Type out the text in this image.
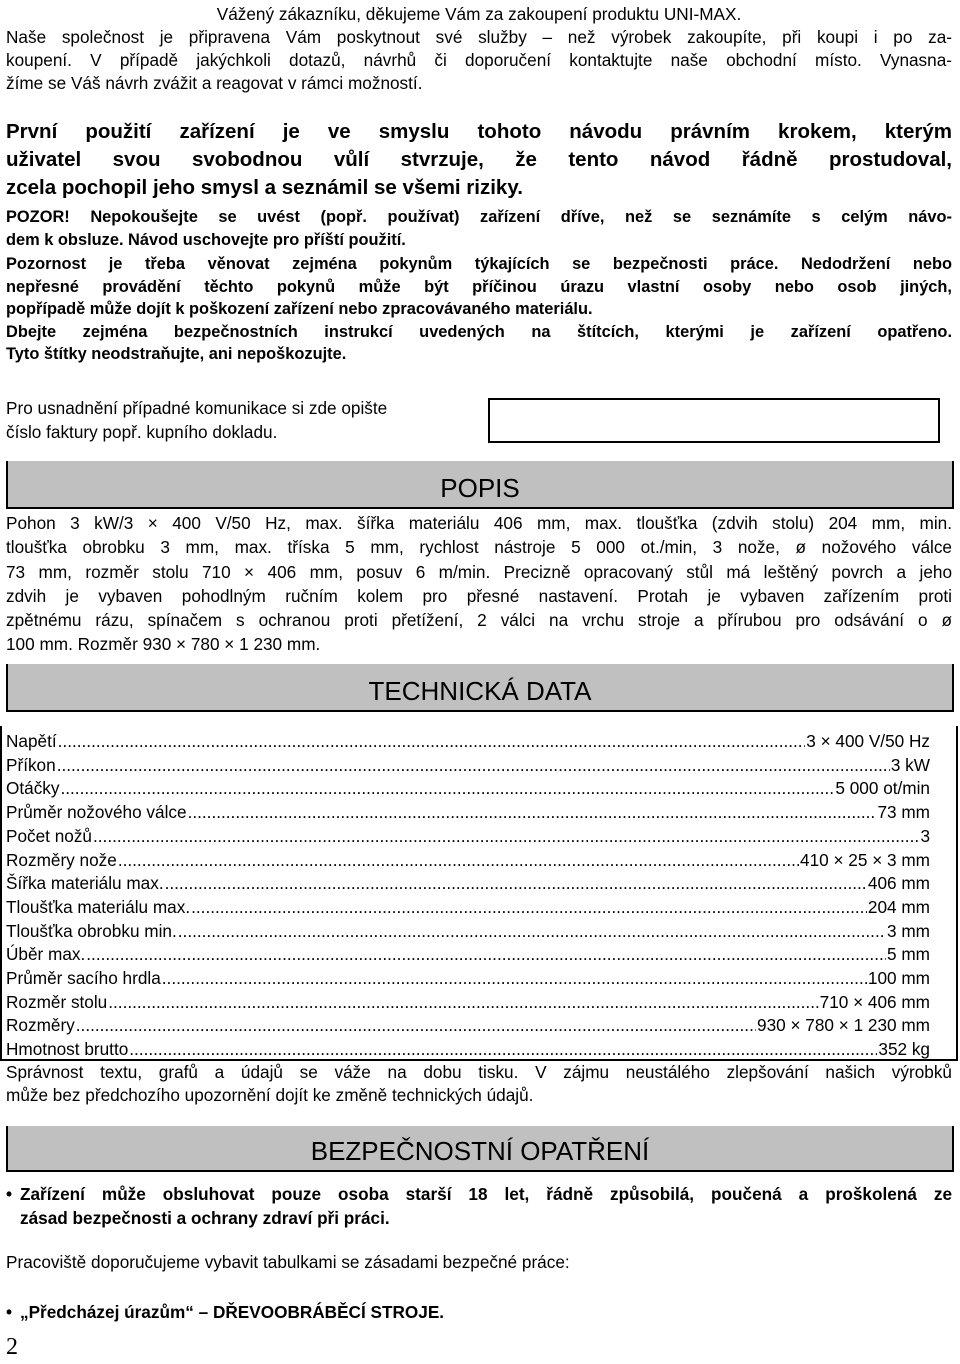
Vážený zákazníku, děkujeme Vám za zakoupení produktu UNI-MAX.
Naše společnost je připravena Vám poskytnout své služby – než výrobek zakoupíte, při koupi i po za-
koupení. V případě jakýchkoli dotazů, návrhů či doporučení kontaktujte naše obchodní místo. Vynasna-
žíme se Váš návrh zvážit a reagovat v rámci možností.
První použití zařízení je ve smyslu tohoto návodu právním krokem, kterým
uživatel svou svobodnou vůlí stvrzuje, že tento návod řádně prostudoval,
zcela pochopil jeho smysl a seznámil se všemi riziky.
POZOR! Nepokoušejte se uvést (popř. používat) zařízení dříve, než se seznámíte s celým návo-
dem k obsluze. Návod uschovejte pro příští použití.
Pozornost je třeba věnovat zejména pokynům týkajících se bezpečnosti práce. Nedodržení nebo
nepřesné provádění těchto pokynů může být příčinou úrazu vlastní osoby nebo osob jiných,
popřípadě může dojít k poškození zařízení nebo zpracovávaného materiálu.
Dbejte zejména bezpečnostních instrukcí uvedených na štítcích, kterými je zařízení opatřeno.
Tyto štítky neodstraňujte, ani nepoškozujte.
Pro usnadnění případné komunikace si zde opište
číslo faktury popř. kupního dokladu.
POPIS
Pohon 3 kW/3 × 400 V/50 Hz, max. šířka materiálu 406 mm, max. tloušťka (zdvih stolu) 204 mm, min.
tloušťka obrobku 3 mm, max. tříska 5 mm, rychlost nástroje 5 000 ot./min, 3 nože, ø nožového válce
73 mm, rozměr stolu 710 × 406 mm, posuv 6 m/min. Precizně opracovaný stůl má leštěný povrch a jeho
zdvih je vybaven pohodlným ručním kolem pro přesné nastavení. Protah je vybaven zařízením proti
zpětnému rázu, spínačem s ochranou proti přetížení, 2 válci na vrchu stroje a přírubou pro odsávání o ø
100 mm. Rozměr 930 × 780 × 1 230 mm.
TECHNICKÁ DATA
Napětí .....	3 × 400 V/50 Hz
Příkon .....	3 kW
Otáčky .....	5 000 ot/min
Průměr nožového válce .....	73 mm
Počet nožů .....	3
Rozměry nože .....	410 × 25 × 3 mm
Šířka materiálu max. .....	406 mm
Tloušťka materiálu max. .....	204 mm
Tloušťka obrobku min. .....	3 mm
Úběr max. .....	5 mm
Průměr sacího hrdla .....	100 mm
Rozměr stolu .....	710 × 406 mm
Rozměry .....	930 × 780 × 1 230 mm
Hmotnost brutto .....	352 kg
Správnost textu, grafů a údajů se váže na dobu tisku. V zájmu neustálého zlepšování našich výrobků
může bez předchozího upozornění dojít ke změně technických údajů.
BEZPEČNOSTNÍ OPATŘENÍ
• Zařízení může obsluhovat pouze osoba starší 18 let, řádně způsobilá, poučená a proškolená ze
zásad bezpečnosti a ochrany zdraví při práci.
Pracoviště doporučujeme vybavit tabulkami se zásadami bezpečné práce:
• „Předcházej úrazům“ – DŘEVOOBRÁBĚCÍ STROJE.
2
